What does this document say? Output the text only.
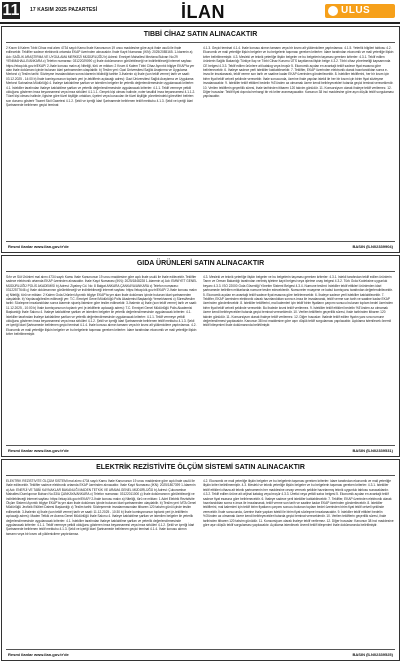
11 17 KASIM 2025 PAZARTESİ	İLAN	ULUS
TIBBİ CİHAZ SATIN ALINACAKTIR
2 Kısım 6 Kalem Tıbbi Cihaz mal alımı 4734 sayılı Kamu İhale Kanununun 19 uncu maddesine göre açık ihale usulü ile ihale edilecektir. Teklifler sadece elektronik ortamda EKAP üzerinden alınacaktır. İhale Kayıt Numarası (İKN): 2025/2085165. 1-İdarenin a) Adı: SAĞLIK ARAŞTIRMA VE UYGULAMA MERKEZİ MÜDÜRLÜĞÜ b) Adresi: Emniyet Mahallesi Mevlana Bulvarı No:29 YENİMAHALLE/ANKARA c) Telefon numarası: 03122029090 ç) İhale dokümanının görülebileceği ve indirilebileceği internet sayfası: https://ekap.kik.gov.tr/EKAP/ 2-İhale konusu malın a) Niteliği, türü ve miktarı: 2 Kısım 6 Kalem Tıbbi Cihaz Ayrıntılı bilgiye EKAP'ta yer alan ihale dokümanı içinde bulunan idari şartnameden ulaşılabilir. b) Teslim yeri: Gazi Üniversitesi Sağlık Araştırma ve Uygulama Merkezi c) Teslim tarihi: Sözleşme imzalandıktan sonra idarenin bildirdiği tarihte 3-İhalenin a) İhale (son teklif verme) tarih ve saati: 03.12.2025 - 14:00 b) İhale komisyonunun toplantı yeri (e-tekliflerin açılacağı adres): Gazi Üniversitesi Sağlık Araştırma ve Uygulama Merkezi Satınalma Müdürlüğü 4. İhaleye katılabilme şartları ve istenilen belgeler ile yeterlik değerlendirmesinde uygulanacak kriterler: 4.1. İstekliler tarafından ihaleye katılabilme şartları ve yeterlik değerlendirmesinde uygulanacak kriterler: 4.1.1. Teklif vermeye yetkili olduğunu gösteren imza beyannamesi veya imza sirküleri 4.1.1.1. Gerçek kişi olması halinde, noter tasdikli imza beyannamesi 4.1.1.2. Tüzel kişi olması halinde, ilgisine göre tüzel kişiliğin ortakları, üyeleri veya kurucuları ile tüzel kişiliğin yönetimindeki görevlileri belirten son durumu gösterir Ticaret Sicil Gazetesi 4.1.2. Şekli ve içeriği İdari Şartnamede belirlenen teklif mektubu 4.1.3. Şekli ve içeriği İdari Şartnamede belirlenen geçici teminat
4.1.3. Geçici teminat 4.1.4. İhale konusu alımın tamamı veya bir kısmı alt yüklenicilere yaptırılamaz. 4.1.5. Yeterlik bilgileri tablosu 4.2. Ekonomik ve mali yeterliğe ilişkin belgeler ve bu belgelerin taşıması gereken kriterler: İdare tarafından ekonomik ve mali yeterliğe ilişkin kriter belirtilmemiştir. 4.3. Mesleki ve teknik yeterliğe ilişkin belgeler ve bu belgelerin taşıması gereken kriterler: 4.3.1. Teklif edilen ürünlerin Sağlık Bakanlığı Türkiye İlaç ve Tıbbi Cihaz Kurumu ÜTS kayıtlarına ilişkin belge 4.3.2. Tıbbi cihaz yönetmeliği kapsamında CE belgesi 4.3.3. Teklif edilen ürünlere ait katalog veya broşür 5. Ekonomik açıdan en avantajlı teklif sadece fiyat esasına göre belirlenecektir. 6. İhaleye sadece yerli istekliler katılabilecektir. 7. Teklifler, EKAP üzerinden elektronik olarak hazırlandıktan sonra e-imza ile imzalanarak, teklif verme son tarih ve saatine kadar EKAP üzerinden gönderilecektir. 8. İstekliler tekliflerini, her bir kısım için birim fiyat teklif cetveli şeklinde verecektir. İhale sonucunda, üzerine ihale yapılan istekli ile her bir kısım için birim fiyat sözleşme imzalanacaktır. 9. İstekliler teklif ettikleri bedelin %3'ünden az olmamak üzere kendi belirleyecekleri tutarda geçici teminat vereceklerdir. 10. Verilen tekliflerin geçerlilik süresi, ihale tarihinden itibaren 120 takvim günüdür. 11. Konsorsiyum olarak ihaleye teklif verilemez. 12. Diğer hususlar: Teklif fiyat dışında herhangi bir ek kriter aranmayacaktır. Kanunun 38 inci maddesine göre aşırı düşük teklif sorgulaması yapılacaktır.
Resmi ilanlar www.ilan.gov.tr'de	BASIN (İLN02339904)
GIDA ÜRÜNLERİ SATIN ALINACAKTIR
Sıfır ve Süt Ürünleri mal alımı 4734 sayılı Kamu İhale Kanununun 19 uncu maddesine göre açık ihale usulü ile ihale edilecektir. Teklifler sadece elektronik ortamda EKAP üzerinden alınacaktır. İhale Kayıt Numarası (İKN): 2025/1848228 1-İdarenin a) Adı: EMNİYET GENEL MÜDÜRLÜĞÜ POLİS AKADEMİSİ b) Adresi: Ziyabey Cd. No: 8 Balgat ANKARA ÇANKAYA/ANKARA c) Telefon numarası: 03122577646 ç) İhale dokümanının görülebileceği ve indirilebileceği internet sayfası: https://ekap.kik.gov.tr/EKAP/ 2-İhale konusu malın a) Niteliği, türü ve miktarı: 2 Kalem Gıda Ürünleri Ayrıntılı bilgiye EKAP'ta yer alan ihale dokümanı içinde bulunan idari şartnameden ulaşılabilir. b) Yapılacağı/teslim edileceği yer: T.C. Emniyet Genel Müdürlüğü Polis Akademisi Başkanlığı Yemekhanesi c) Süresi/teslim tarihi: Sözleşme imzalandıktan sonra idarenin sipariş listesine göre teslim edilecektir. 3-İhalenin a) İhale (son teklif verme) tarih ve saati: 11.12.2025 - 10:00 b) İhale komisyonunun toplantı yeri (e-tekliflerin açılacağı adres): T.C. Emniyet Genel Müdürlüğü Polis Akademisi Başkanlığı İhale Salonu 4. İhaleye katılabilme şartları ve istenilen belgeler ile yeterlik değerlendirmesinde uygulanacak kriterler: 4.1. İstekliler tarafından ihaleye katılabilme şartları ve yeterlik değerlendirmesinde uygulanacak kriterler: 4.1.1. Teklif vermeye yetkili olduğunu gösteren imza beyannamesi veya imza sirküleri 4.1.2. Şekli ve içeriği İdari Şartnamede belirlenen teklif mektubu 4.1.3. Şekli ve içeriği İdari Şartnamede belirlenen geçici teminat 4.1.4. İhale konusu alımın tamamı veya bir kısmı alt yüklenicilere yaptırılamaz. 4.2. Ekonomik ve mali yeterliğe ilişkin belgeler ve bu belgelerin taşıması gereken kriterler: İdare tarafından ekonomik ve mali yeterliğe ilişkin kriter belirtilmemiştir.
4.3. Mesleki ve teknik yeterliğe ilişkin belgeler ve bu belgelerin taşıması gereken kriterler: 4.3.1. İstekli tarafından teklif edilen ürünlerin Tarım ve Orman Bakanlığı tarafından verilmiş işletme kayıt belgesi veya işletme onay belgesi 4.3.2. Türk Gıda Kodeksine uygunluk beyanı 4.3.3. ISO 22000 Gıda Güvenliği Yönetim Sistemi Belgesi 4.3.4. Numune teslimi: İstekliler teklif ettikleri ürünlerden idari şartnamede belirtilen miktarlarda numune teslim edeceklerdir. Numuneler muayene ve kabul komisyonu tarafından değerlendirilecektir. 5. Ekonomik açıdan en avantajlı teklif sadece fiyat esasına göre belirlenecektir. 6. İhaleye sadece yerli istekliler katılabilecektir. 7. Teklifler, EKAP üzerinden elektronik olarak hazırlandıktan sonra e-imza ile imzalanarak, teklif verme son tarih ve saatine kadar EKAP üzerinden gönderilecektir. 8. İstekliler tekliflerini, mal kalemleri için teklif birim fiyatların çarpımı sonucu bulunan toplam bedel üzerinden birim fiyat teklif cetveli şeklinde verecektir. Bu ihalede kısmi teklif verilemez. 9. İstekliler teklif ettikleri bedelin %3'ünden az olmamak üzere kendi belirleyecekleri tutarda geçici teminat vereceklerdir. 10. Verilen tekliflerin geçerlilik süresi, ihale tarihinden itibaren 120 takvim günüdür. 11. Konsorsiyum olarak ihaleye teklif verilemez. 12. Diğer hususlar: İhalede teklif edilen fiyatın yanı sıra numune değerlendirmesi yapılacaktır. Kanunun 38 inci maddesine göre aşırı düşük teklif sorgulaması yapılacaktır. Açıklama istenilecek önemli teklif bileşenleri ihale dokümanında belirtilmiştir.
Resmi ilanlar www.ilan.gov.tr'de	BASIN (İLN02339531)
ELEKTRİK REZİSTİVİTE ÖLÇÜM SİSTEMİ SATIN ALINACAKTIR
ELEKTRİK REZİSTİVİTE ÖLÇÜM SİSTEMİ mal alımı 4734 sayılı Kamu İhale Kanununun 19 uncu maddesine göre açık ihale usulü ile ihale edilecektir. Teklifler sadece elektronik ortamda EKAP üzerinden alınacaktır. İhale Kayıt Numarası (İKN): 2025/1807399 1-İdarenin a) Adı: ENERJİ VE TABİİ KAYNAKLAR BAKANLIĞI MADEN TETKİK VE ARAMA GENEL MÜDÜRLÜĞÜ b) Adresi: Çukurambar Mahallesi Dumlupınar Bulvarı No:33/A ÇANKAYA/ANKARA c) Telefon numarası: 03122011000 ç) İhale dokümanının görülebileceği ve indirilebileceği internet sayfası: https://ekap.kik.gov.tr/EKAP/ 2-İhale konusu malın a) Niteliği, türü ve miktarı: 1 Adet Elektrik Rezistivite Ölçüm Sistemi Ayrıntılı bilgiye EKAP'ta yer alan ihale dokümanı içinde bulunan idari şartnameden ulaşılabilir. b) Teslim yeri: MTA Genel Müdürlüğü Jeofizik Etütleri Dairesi Başkanlığı c) Teslim tarihi: Sözleşmenin imzalanmasından itibaren 120 takvim günü içinde teslim edilecektir. 3-İhalenin a) İhale (son teklif verme) tarih ve saati: 11.12.2025 - 10:30 b) İhale komisyonunun toplantı yeri (e-tekliflerin açılacağı adres): Maden Tetkik ve Arama Genel Müdürlüğü İhale Salonu 4. İhaleye katılabilme şartları ve istenilen belgeler ile yeterlik değerlendirmesinde uygulanacak kriterler: 4.1. İstekliler tarafından ihaleye katılabilme şartları ve yeterlik değerlendirmesinde uygulanacak kriterler: 4.1.1. Teklif vermeye yetkili olduğunu gösteren imza beyannamesi veya imza sirküleri 4.1.2. Şekli ve içeriği İdari Şartnamede belirlenen teklif mektubu 4.1.3. Şekli ve içeriği İdari Şartnamede belirlenen geçici teminat 4.1.4. İhale konusu alımın tamamı veya bir kısmı alt yüklenicilere yaptırılamaz.
4.2. Ekonomik ve mali yeterliğe ilişkin belgeler ve bu belgelerin taşıması gereken kriterler: İdare tarafından ekonomik ve mali yeterliğe ilişkin kriter belirtilmemiştir. 4.3. Mesleki ve teknik yeterliğe ilişkin belgeler ve bu belgelerin taşıması gereken kriterler: 4.3.1. İstekliler teklif ettikleri cihaza ait teknik şartnamenin her maddesine cevap verecek şekilde hazırlanmış teknik uygunluk tablosu sunacaklardır. 4.3.2. Teklif edilen ürüne ait orijinal katalog veya broşür 4.3.3. Üretici veya yetkili satıcı belgesi 5. Ekonomik açıdan en avantajlı teklif sadece fiyat esasına göre belirlenecektir. 6. İhaleye sadece yerli istekliler katılabilecektir. 7. Teklifler, EKAP üzerinden elektronik olarak hazırlandıktan sonra e-imza ile imzalanarak, teklif verme son tarih ve saatine kadar EKAP üzerinden gönderilecektir. 8. İstekliler tekliflerini, mal kalemleri için teklif birim fiyatların çarpımı sonucu bulunan toplam bedel üzerinden birim fiyat teklif cetveli şeklinde verecektir. İhale sonucunda, üzerine ihale yapılan istekli ile birim fiyat sözleşme imzalanacaktır. 9. İstekliler teklif ettikleri bedelin %3'ünden az olmamak üzere kendi belirleyecekleri tutarda geçici teminat vereceklerdir. 10. Verilen tekliflerin geçerlilik süresi, ihale tarihinden itibaren 120 takvim günüdür. 11. Konsorsiyum olarak ihaleye teklif verilemez. 12. Diğer hususlar: Kanunun 38 inci maddesine göre aşırı düşük teklif sorgulaması yapılacaktır. Açıklama istenilecek önemli teklif bileşenleri ihale dokümanında belirtilmiştir.
Resmi ilanlar www.ilan.gov.tr'de	BASIN (İLN02339525)
